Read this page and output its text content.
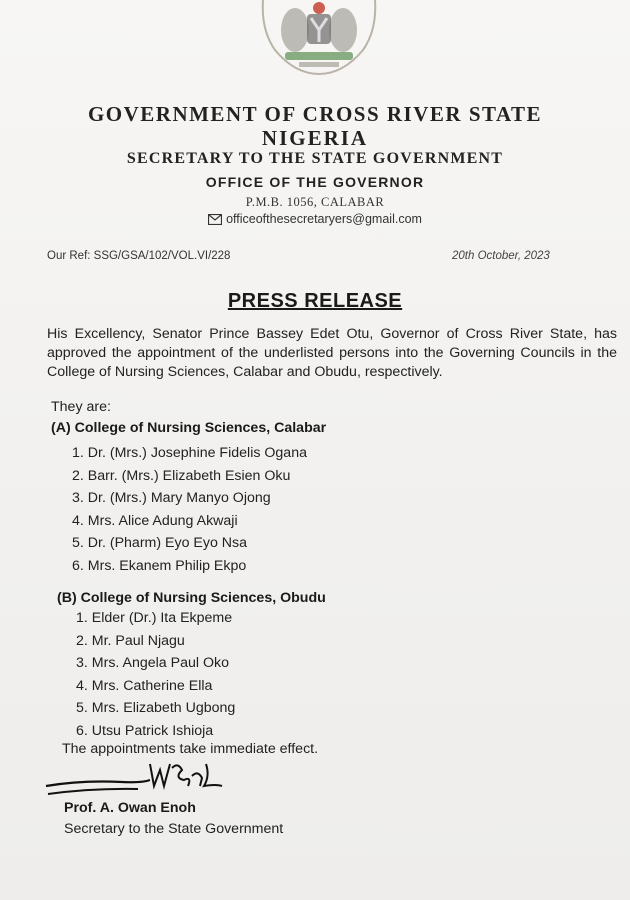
GOVERNMENT OF CROSS RIVER STATE
NIGERIA
SECRETARY TO THE STATE GOVERNMENT
OFFICE OF THE GOVERNOR
P.M.B. 1056, CALABAR
officeofthesecretaryers@gmail.com
Our Ref: SSG/GSA/102/VOL.VI/228	20th October, 2023
PRESS RELEASE
His Excellency, Senator Prince Bassey Edet Otu, Governor of Cross River State, has approved the appointment of the underlisted persons into the Governing Councils in the College of Nursing Sciences, Calabar and Obudu, respectively.
They are:
(A) College of Nursing Sciences, Calabar
1. Dr. (Mrs.) Josephine Fidelis Ogana
2. Barr. (Mrs.) Elizabeth Esien Oku
3. Dr. (Mrs.) Mary Manyo Ojong
4. Mrs. Alice Adung Akwaji
5. Dr. (Pharm) Eyo Eyo Nsa
6. Mrs. Ekanem Philip Ekpo
(B) College of Nursing Sciences, Obudu
1. Elder (Dr.) Ita Ekpeme
2. Mr. Paul Njagu
3. Mrs. Angela Paul Oko
4. Mrs. Catherine Ella
5. Mrs. Elizabeth Ugbong
6. Utsu Patrick Ishioja
The appointments take immediate effect.
Prof. A. Owan Enoh
Secretary to the State Government
